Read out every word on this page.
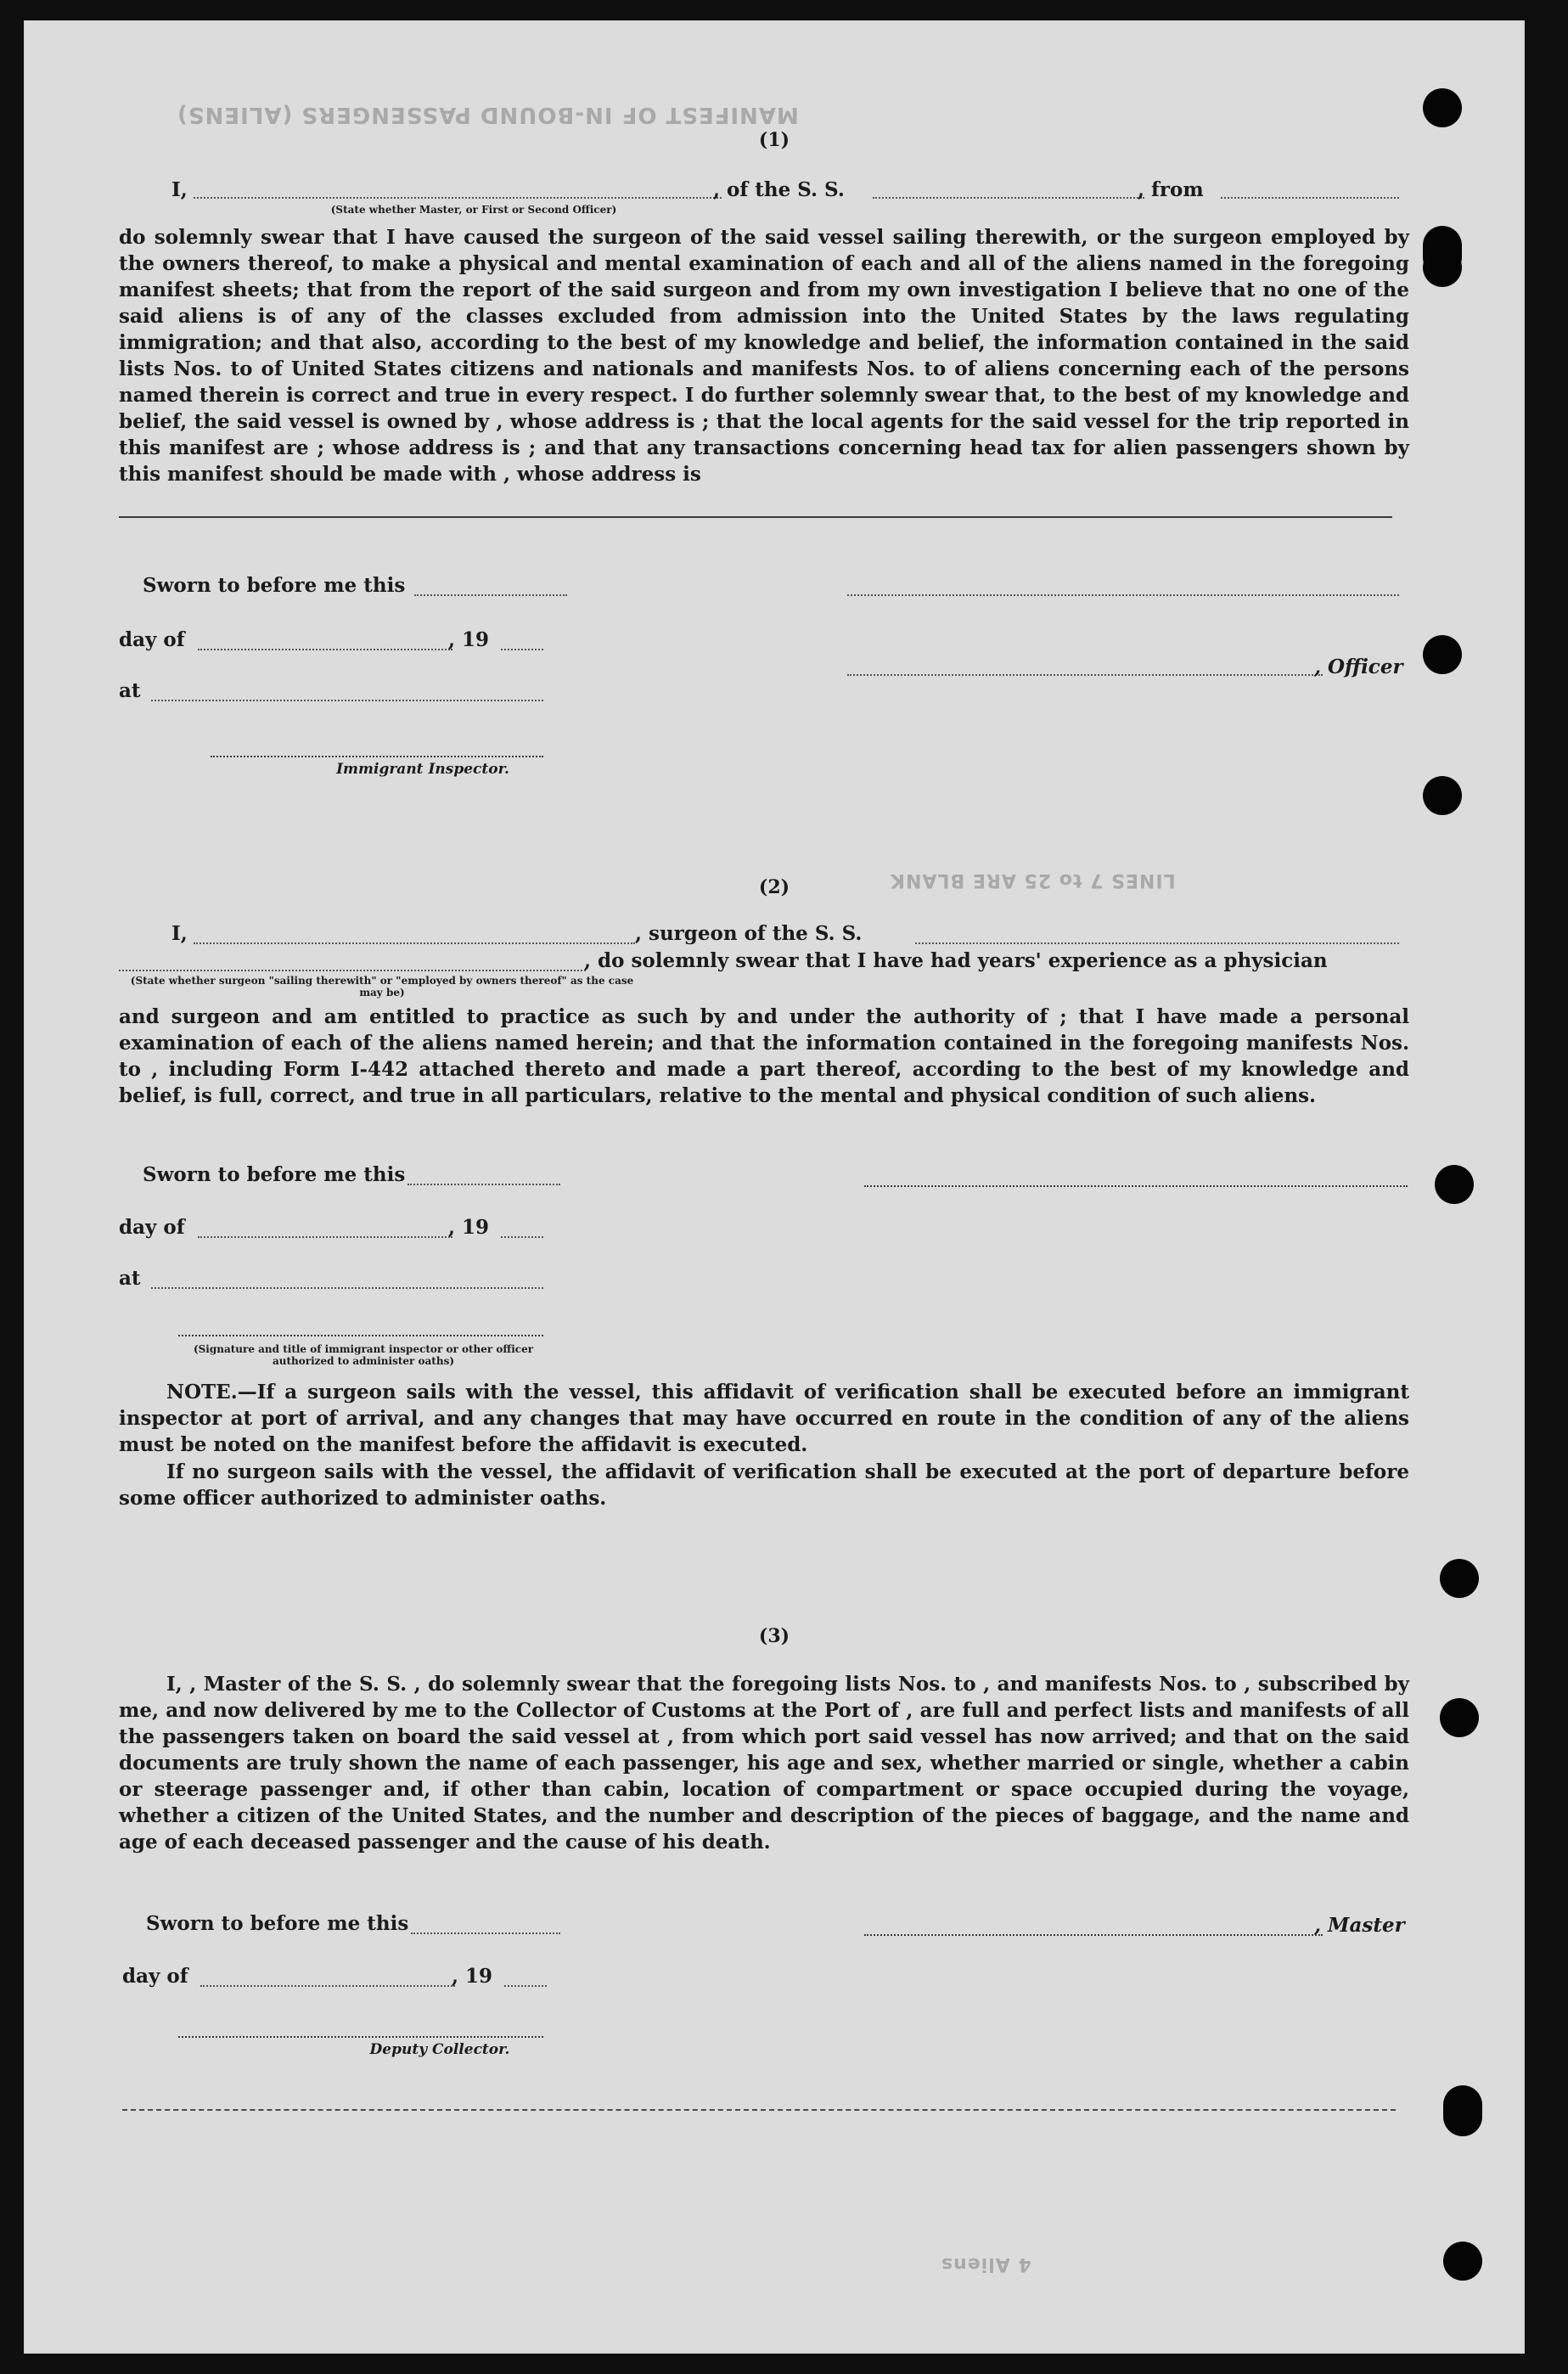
MANIFEST OF IN-BOUND PASSENGERS (ALIENS)
LINES 7 to 25 ARE BLANK
4 Aliens
(1)
I,	, of the S. S.	, from
(State whether Master, or First or Second Officer)
do solemnly swear that I have caused the surgeon of the said vessel sailing therewith, or the surgeon employed by the owners thereof, to make a physical and mental examination of each and all of the aliens named in the foregoing manifest sheets; that from the report of the said surgeon and from my own investigation I believe that no one of the said aliens is of any of the classes excluded from admission into the United States by the laws regulating immigration; and that also, according to the best of my knowledge and belief, the information contained in the said lists Nos. to of United States citizens and nationals and manifests Nos. to of aliens concerning each of the persons named therein is correct and true in every respect. I do further solemnly swear that, to the best of my knowledge and belief, the said vessel is owned by , whose address is ; that the local agents for the said vessel for the trip reported in this manifest are ; whose address is ; and that any transactions concerning head tax for alien passengers shown by this manifest should be made with , whose address is
Sworn to before me this
day of	, 19
, Officer
at
Immigrant Inspector.
(2)
I,	, surgeon of the S. S.
, do solemnly swear that I have had years' experience as a physician
(State whether surgeon "sailing therewith" or "employed by owners thereof" as the case may be)
and surgeon and am entitled to practice as such by and under the authority of ; that I have made a personal examination of each of the aliens named herein; and that the information contained in the foregoing manifests Nos. to , including Form I-442 attached thereto and made a part thereof, according to the best of my knowledge and belief, is full, correct, and true in all particulars, relative to the mental and physical condition of such aliens.
Sworn to before me this
day of	, 19
at
(Signature and title of immigrant inspector or other officer authorized to administer oaths)
NOTE.—If a surgeon sails with the vessel, this affidavit of verification shall be executed before an immigrant inspector at port of arrival, and any changes that may have occurred en route in the condition of any of the aliens must be noted on the manifest before the affidavit is executed.
If no surgeon sails with the vessel, the affidavit of verification shall be executed at the port of departure before some officer authorized to administer oaths.
(3)
I, , Master of the S. S. , do solemnly swear that the foregoing lists Nos. to , and manifests Nos. to , subscribed by me, and now delivered by me to the Collector of Customs at the Port of , are full and perfect lists and manifests of all the passengers taken on board the said vessel at , from which port said vessel has now arrived; and that on the said documents are truly shown the name of each passenger, his age and sex, whether married or single, whether a cabin or steerage passenger and, if other than cabin, location of compartment or space occupied during the voyage, whether a citizen of the United States, and the number and description of the pieces of baggage, and the name and age of each deceased passenger and the cause of his death.
Sworn to before me this	, Master
day of	, 19
Deputy Collector.
